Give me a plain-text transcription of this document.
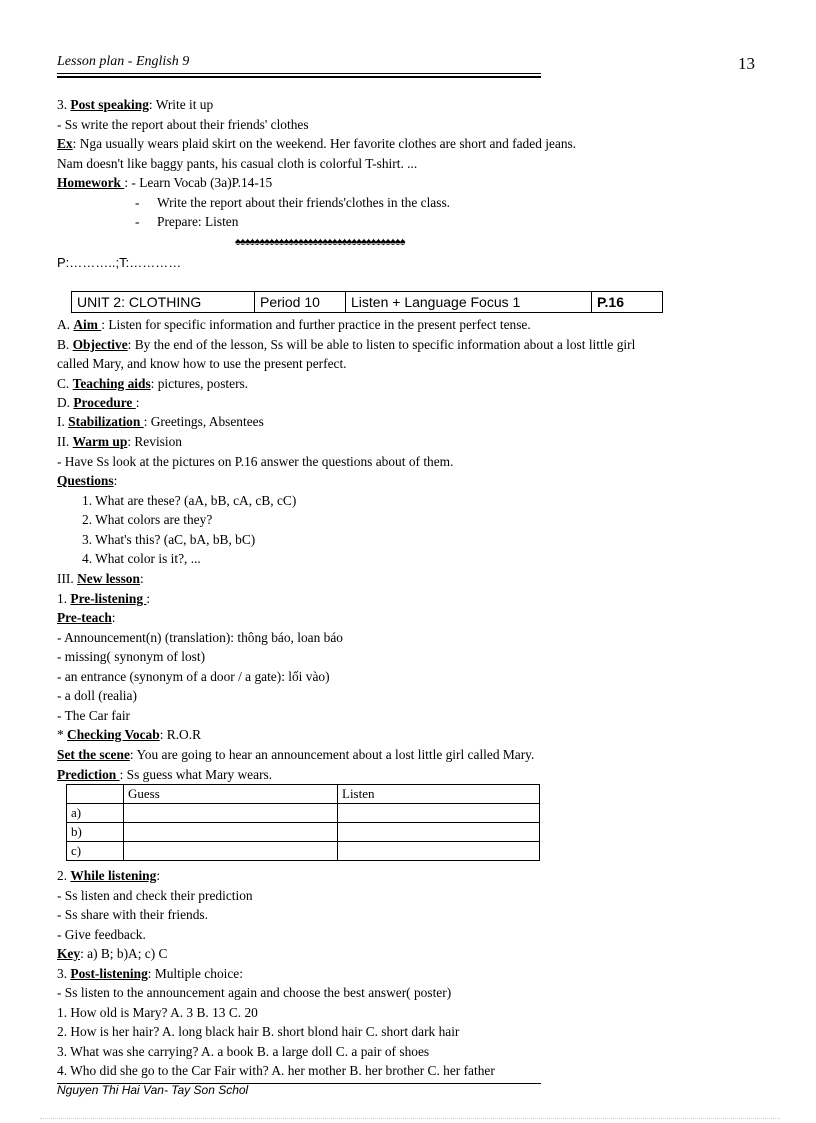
Lesson plan - English 9	13
3. Post speaking: Write it up
- Ss write the report about their friends' clothes
Ex: Nga usually wears plaid skirt on the weekend. Her favorite clothes are short and faded jeans.
Nam doesn't like baggy pants, his casual cloth is colorful T-shirt. ...
Homework : - Learn Vocab (3a)P.14-15
- Write the report about their friends'clothes in the class.
- Prepare: Listen
♠♠♠♠♠♠♠♠♠♠♠♠♠♠♠♠♠♠♠♠♠♠♠♠♠♠♠♠♠♠♠♠♠♠♠
P:………..;T:…………
UNIT 2: CLOTHING	Period 10	Listen + Language Focus 1	P.16
A. Aim : Listen for specific information and further practice in the present perfect tense.
B. Objective: By the end of the lesson, Ss will be able to listen to specific information about a lost little girl
called Mary, and know how to use the present perfect.
C. Teaching aids: pictures, posters.
D. Procedure :
I. Stabilization : Greetings, Absentees
II. Warm up: Revision
- Have Ss look at the pictures on P.16 answer the questions about of them.
Questions:
1. What are these? (aA, bB, cA, cB, cC)
2. What colors are they?
3. What's this? (aC, bA, bB, bC)
4. What color is it?, ...
III. New lesson:
1. Pre-listening :
Pre-teach:
- Announcement(n) (translation): thông báo, loan báo
- missing( synonym of lost)
- an entrance (synonym of a door / a gate): lối vào)
- a doll (realia)
- The Car fair
* Checking Vocab: R.O.R
Set the scene: You are going to hear an announcement about a lost little girl called Mary.
Prediction : Ss guess what Mary wears.
	Guess	Listen
a)		
b)		
c)		
2. While listening:
- Ss listen and check their prediction
- Ss share with their friends.
- Give feedback.
Key: a) B; b)A; c) C
3. Post-listening: Multiple choice:
- Ss listen to the announcement again and choose the best answer( poster)
1. How old is Mary? A. 3 B. 13 C. 20
2. How is her hair? A. long black hair B. short blond hair C. short dark hair
3. What was she carrying? A. a book B. a large doll C. a pair of shoes
4. Who did she go to the Car Fair with? A. her mother B. her brother C. her father
Nguyen Thi Hai Van- Tay Son Schol
